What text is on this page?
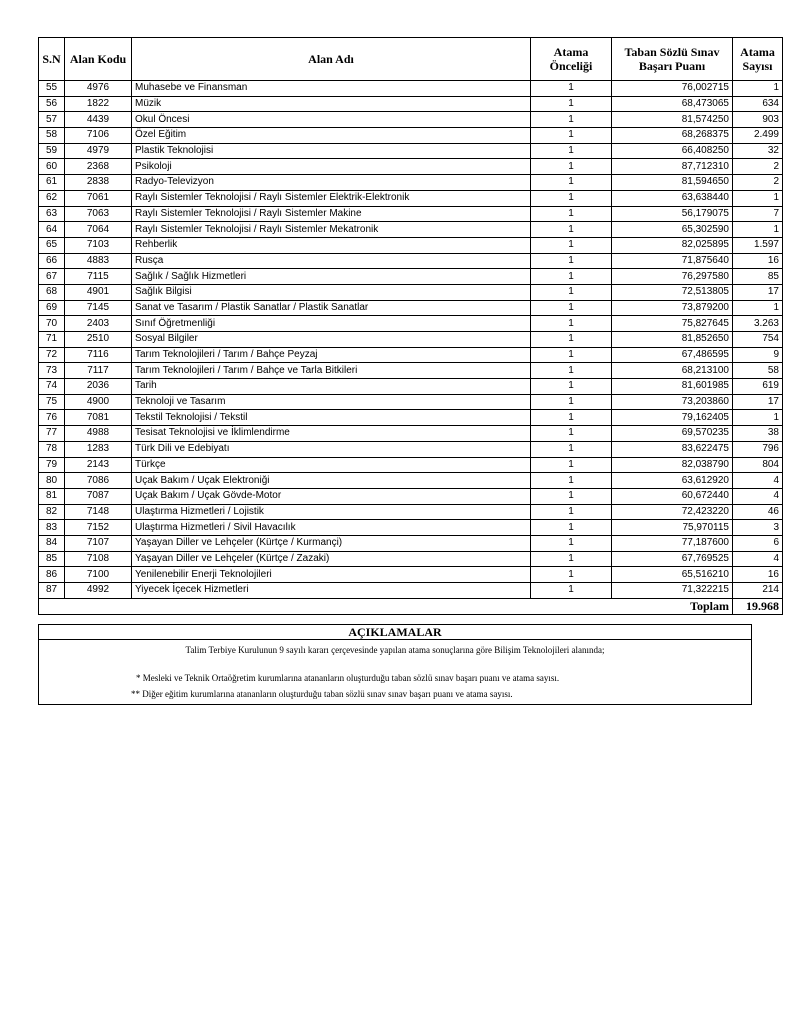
S.N	Alan Kodu	Alan Adı	Atama Önceliği	Taban Sözlü Sınav Başarı Puanı	Atama Sayısı
55	4976	Muhasebe ve Finansman	1	76,002715	1
56	1822	Müzik	1	68,473065	634
57	4439	Okul Öncesi	1	81,574250	903
58	7106	Özel Eğitim	1	68,268375	2.499
59	4979	Plastik Teknolojisi	1	66,408250	32
60	2368	Psikoloji	1	87,712310	2
61	2838	Radyo-Televizyon	1	81,594650	2
62	7061	Raylı Sistemler Teknolojisi / Raylı Sistemler Elektrik-Elektronik	1	63,638440	1
63	7063	Raylı Sistemler Teknolojisi / Raylı Sistemler Makine	1	56,179075	7
64	7064	Raylı Sistemler Teknolojisi / Raylı Sistemler Mekatronik	1	65,302590	1
65	7103	Rehberlik	1	82,025895	1.597
66	4883	Rusça	1	71,875640	16
67	7115	Sağlık / Sağlık Hizmetleri	1	76,297580	85
68	4901	Sağlık Bilgisi	1	72,513805	17
69	7145	Sanat ve Tasarım / Plastik Sanatlar / Plastik Sanatlar	1	73,879200	1
70	2403	Sınıf Öğretmenliği	1	75,827645	3.263
71	2510	Sosyal Bilgiler	1	81,852650	754
72	7116	Tarım Teknolojileri / Tarım / Bahçe Peyzaj	1	67,486595	9
73	7117	Tarım Teknolojileri / Tarım / Bahçe ve Tarla Bitkileri	1	68,213100	58
74	2036	Tarih	1	81,601985	619
75	4900	Teknoloji ve Tasarım	1	73,203860	17
76	7081	Tekstil Teknolojisi / Tekstil	1	79,162405	1
77	4988	Tesisat Teknolojisi ve İklimlendirme	1	69,570235	38
78	1283	Türk Dili ve Edebiyatı	1	83,622475	796
79	2143	Türkçe	1	82,038790	804
80	7086	Uçak Bakım / Uçak Elektroniği	1	63,612920	4
81	7087	Uçak Bakım / Uçak Gövde-Motor	1	60,672440	4
82	7148	Ulaştırma Hizmetleri / Lojistik	1	72,423220	46
83	7152	Ulaştırma Hizmetleri / Sivil Havacılık	1	75,970115	3
84	7107	Yaşayan Diller ve Lehçeler (Kürtçe / Kurmançi)	1	77,187600	6
85	7108	Yaşayan Diller ve Lehçeler (Kürtçe / Zazaki)	1	67,769525	4
86	7100	Yenilenebilir Enerji Teknolojileri	1	65,516210	16
87	4992	Yiyecek İçecek Hizmetleri	1	71,322215	214
				Toplam	19.968
AÇIKLAMALAR
Talim Terbiye Kurulunun 9 sayılı kararı çerçevesinde yapılan atama sonuçlarına göre Bilişim Teknolojileri alanında;
* Mesleki ve Teknik Ortaöğretim kurumlarına atananların oluşturduğu taban sözlü sınav başarı puanı ve atama sayısı.
** Diğer eğitim kurumlarına atananların oluşturduğu taban sözlü sınav sınav başarı puanı ve atama sayısı.
